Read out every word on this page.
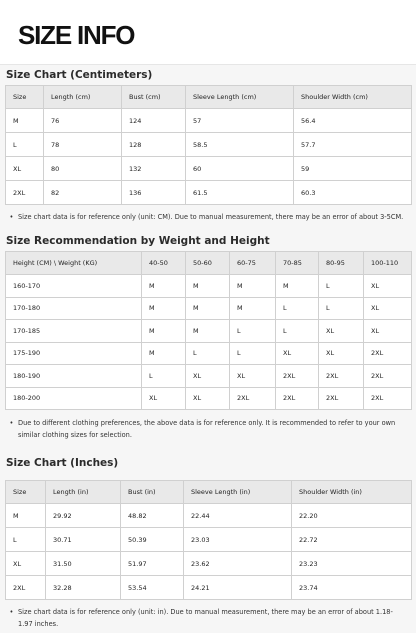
SIZE INFO
Size Chart (Centimeters)
Size	Length (cm)	Bust (cm)	Sleeve Length (cm)	Shoulder Width (cm)
M	76	124	57	56.4
L	78	128	58.5	57.7
XL	80	132	60	59
2XL	82	136	61.5	60.3
• Size chart data is for reference only (unit: CM). Due to manual measurement, there may be an error of about 3-5CM.
Size Recommendation by Weight and Height
Height (CM) \ Weight (KG)	40-50	50-60	60-75	70-85	80-95	100-110
160-170	M	M	M	M	L	XL
170-180	M	M	M	L	L	XL
170-185	M	M	L	L	XL	XL
175-190	M	L	L	XL	XL	2XL
180-190	L	XL	XL	2XL	2XL	2XL
180-200	XL	XL	2XL	2XL	2XL	2XL
• Due to different clothing preferences, the above data is for reference only. It is recommended to refer to your own similar clothing sizes for selection.
Size Chart (Inches)
Size	Length (in)	Bust (in)	Sleeve Length (in)	Shoulder Width (in)
M	29.92	48.82	22.44	22.20
L	30.71	50.39	23.03	22.72
XL	31.50	51.97	23.62	23.23
2XL	32.28	53.54	24.21	23.74
• Size chart data is for reference only (unit: in). Due to manual measurement, there may be an error of about 1.18-1.97 inches.
